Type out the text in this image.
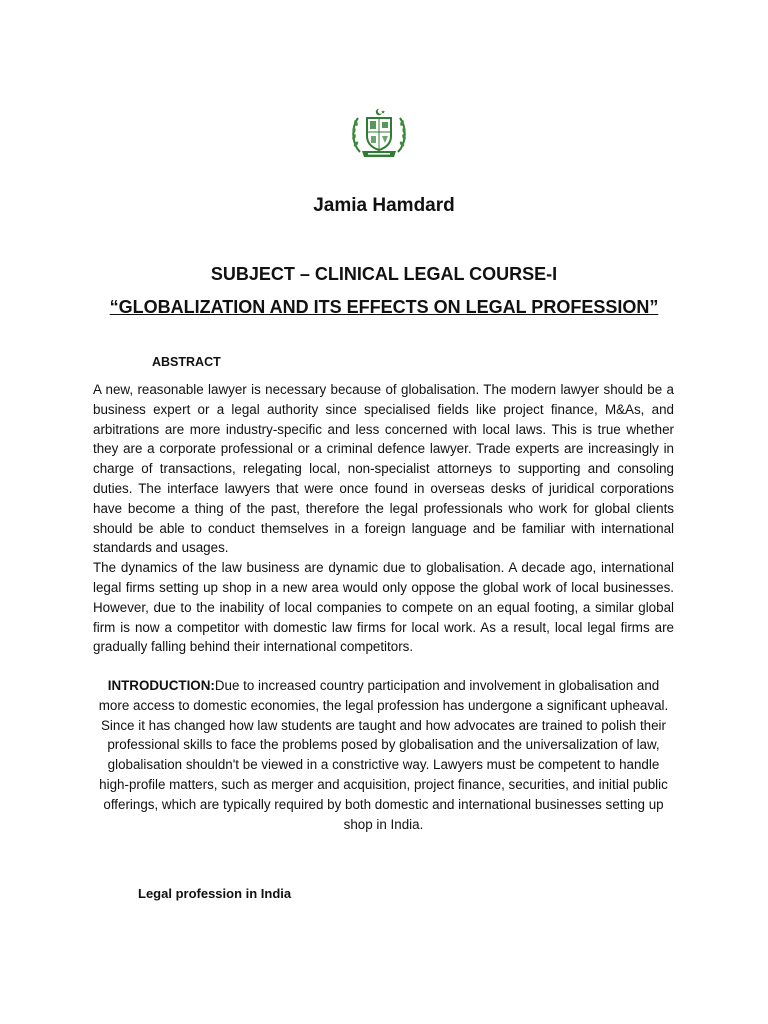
Jamia Hamdard
SUBJECT – CLINICAL LEGAL COURSE-I
“GLOBALIZATION AND ITS EFFECTS ON LEGAL PROFESSION”
ABSTRACT

A new, reasonable lawyer is necessary because of globalisation. The modern lawyer should be a business expert or a legal authority since specialised fields like project finance, M&As, and arbitrations are more industry-specific and less concerned with local laws. This is true whether they are a corporate professional or a criminal defence lawyer. Trade experts are increasingly in charge of transactions, relegating local, non-specialist attorneys to supporting and consoling duties. The interface lawyers that were once found in overseas desks of juridical corporations have become a thing of the past, therefore the legal professionals who work for global clients should be able to conduct themselves in a foreign language and be familiar with international standards and usages.

The dynamics of the law business are dynamic due to globalisation. A decade ago, international legal firms setting up shop in a new area would only oppose the global work of local businesses. However, due to the inability of local companies to compete on an equal footing, a similar global firm is now a competitor with domestic law firms for local work. As a result, local legal firms are gradually falling behind their international competitors.

INTRODUCTION:Due to increased country participation and involvement in globalisation and more access to domestic economies, the legal profession has undergone a significant upheaval. Since it has changed how law students are taught and how advocates are trained to polish their professional skills to face the problems posed by globalisation and the universalization of law, globalisation shouldn't be viewed in a constrictive way. Lawyers must be competent to handle high-profile matters, such as merger and acquisition, project finance, securities, and initial public offerings, which are typically required by both domestic and international businesses setting up shop in India.
Legal profession in India
